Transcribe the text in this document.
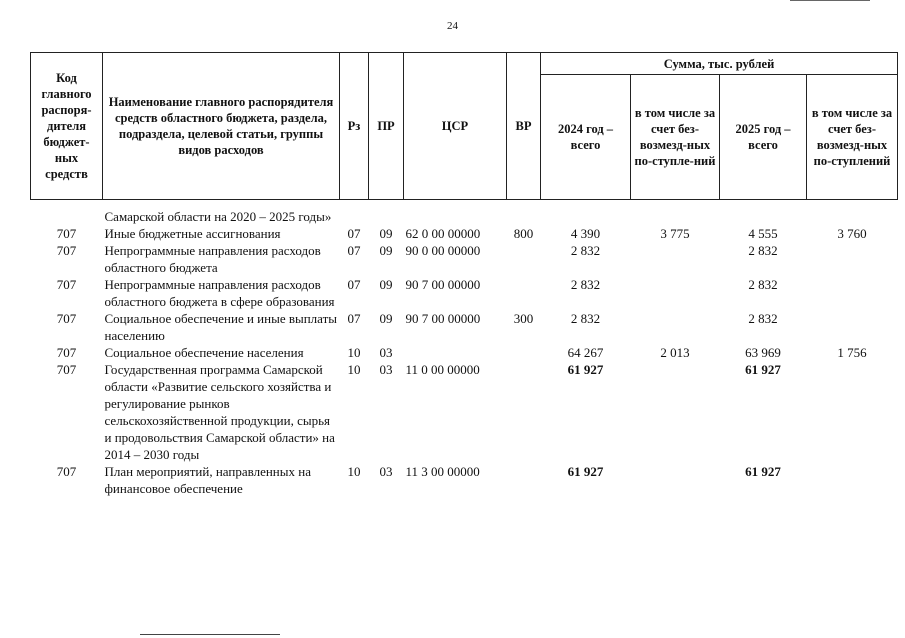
24
Код главного распоря-дителя бюджет-ных средств	Наименование главного распорядителя средств областного бюджета, раздела, подраздела, целевой статьи, группы видов расходов	Рз	ПР	ЦСР	ВР	Сумма, тыс. рублей			
						2024 год – всего	в том числе за счет без-возмезд-ных по-ступле-ний	2025 год – всего	в том числе за счет без-возмезд-ных по-ступлений

	Самарской области на 2020 – 2025 годы»								
707	Иные бюджетные ассигнования	07	09	62 0 00 00000	800	4 390	3 775	4 555	3 760
707	Непрограммные направления расходов областного бюджета	07	09	90 0 00 00000		2 832		2 832	
707	Непрограммные направления расходов областного бюджета в сфере образования	07	09	90 7 00 00000		2 832		2 832	
707	Социальное обеспечение и иные выплаты населению	07	09	90 7 00 00000	300	2 832		2 832	
707	Социальное обеспечение населения	10	03			64 267	2 013	63 969	1 756
707	Государственная программа Самарской области «Развитие сельского хозяйства и регулирование рынков сельскохозяйственной продукции, сырья и продовольствия Самарской области» на 2014 – 2030 годы	10	03	11 0 00 00000		61 927		61 927	
707	План мероприятий, направленных на финансовое обеспечение	10	03	11 3 00 00000		61 927		61 927	
